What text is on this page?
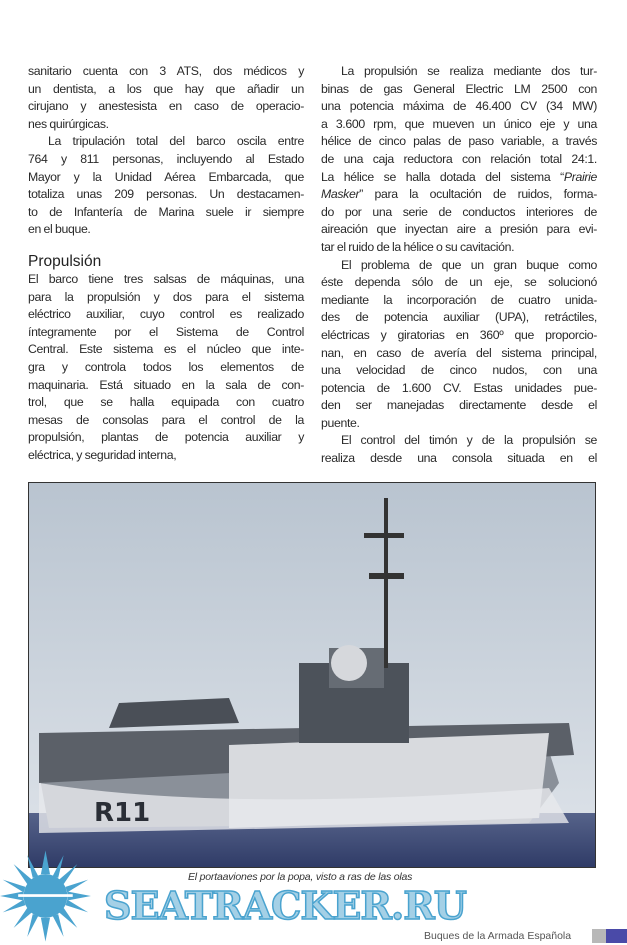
sanitario cuenta con 3 ATS, dos médicos y
un dentista, a los que hay que añadir un
cirujano y anestesista en caso de operacio-
nes quirúrgicas.
La tripulación total del barco oscila entre
764 y 811 personas, incluyendo al Estado
Mayor y la Unidad Aérea Embarcada, que
totaliza unas 209 personas. Un destacamen-
to de Infantería de Marina suele ir siempre
en el buque.
Propulsión
El barco tiene tres salsas de máquinas, una
para la propulsión y dos para el sistema
eléctrico auxiliar, cuyo control es realizado
íntegramente por el Sistema de Control
Central. Este sistema es el núcleo que inte-
gra y controla todos los elementos de
maquinaria. Está situado en la sala de con-
trol, que se halla equipada con cuatro
mesas de consolas para el control de la
propulsión, plantas de potencia auxiliar y
eléctrica, y seguridad interna,
La propulsión se realiza mediante dos tur-
binas de gas General Electric LM 2500 con
una potencia máxima de 46.400 CV (34 MW)
a 3.600 rpm, que mueven un único eje y una
hélice de cinco palas de paso variable, a través
de una caja reductora con relación total 24:1.
La hélice se halla dotada del sistema “Prairie
Masker” para la ocultación de ruidos, forma-
do por una serie de conductos interiores de
aireación que inyectan aire a presión para evi-
tar el ruido de la hélice o su cavitación.
El problema de que un gran buque como
éste dependa sólo de un eje, se solucionó
mediante la incorporación de cuatro unida-
des de potencia auxiliar (UPA), retráctiles,
eléctricas y giratorias en 360º que proporcio-
nan, en caso de avería del sistema principal,
una velocidad de cinco nudos, con una
potencia de 1.600 CV. Estas unidades pue-
den ser manejadas directamente desde el
puente.
El control del timón y de la propulsión se
realiza desde una consola situada en el
R11
El portaaviones por la popa, visto a ras de las olas
SEATRACKER.RU
Buques de la Armada Española
